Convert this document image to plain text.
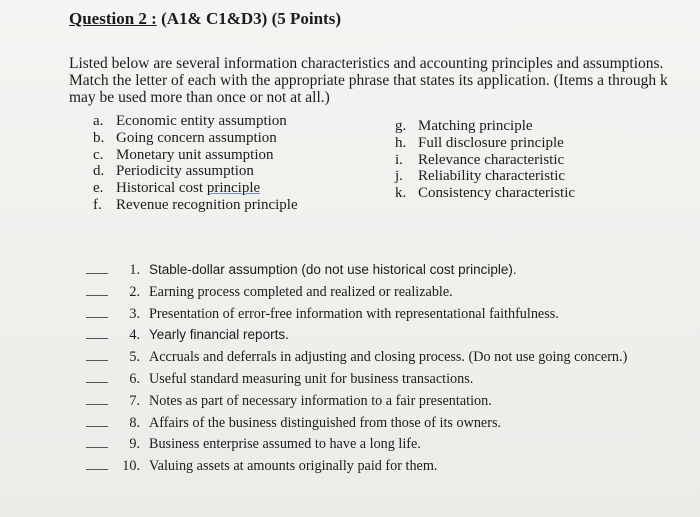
Question 2 : (A1& C1&D3) (5 Points)

Listed below are several information characteristics and accounting principles and assumptions.

Match the letter of each with the appropriate phrase that states its application. (Items a through k

may be used more than once or not at all.)

a. Economic entity assumption
b. Going concern assumption
c. Monetary unit assumption
d. Periodicity assumption
e. Historical cost principle
f. Revenue recognition principle
g. Matching principle
h. Full disclosure principle
i.	Relevance characteristic
j.	Reliability characteristic
k. Consistency characteristic
1. Stable-dollar assumption (do not use historical cost principle).
2. Earning process completed and realized or realizable.
3. Presentation of error-free information with representational faithfulness.
4. Yearly financial reports.
5. Accruals and deferrals in adjusting and closing process. (Do not use going concern.)
6. Useful standard measuring unit for business transactions.
7. Notes as part of necessary information to a fair presentation.
8. Affairs of the business distinguished from those of its owners.
9. Business enterprise assumed to have a long life.
10. Valuing assets at amounts originally paid for them.
